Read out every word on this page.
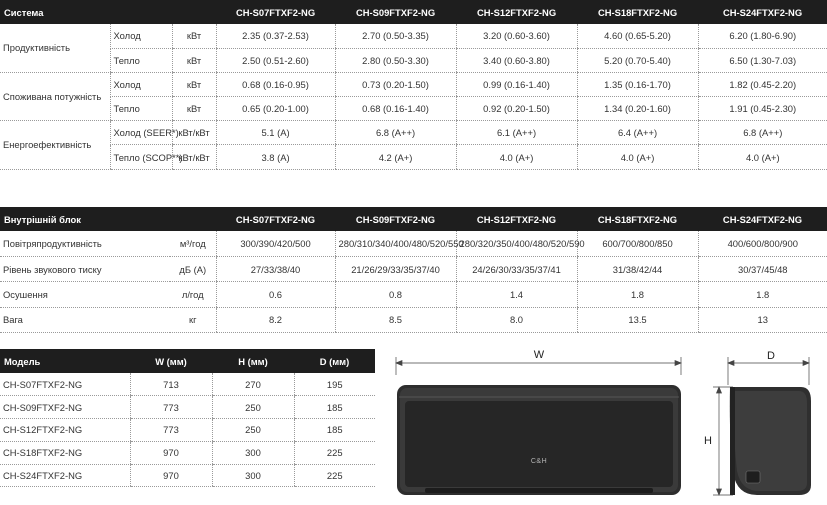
Система			CH-S07FTXF2-NG	CH-S09FTXF2-NG	CH-S12FTXF2-NG	CH-S18FTXF2-NG	CH-S24FTXF2-NG
Продуктивність	Холод	кВт	2.35 (0.37-2.53)	2.70 (0.50-3.35)	3.20 (0.60-3.60)	4.60 (0.65-5.20)	6.20 (1.80-6.90)
	Тепло	кВт	2.50 (0.51-2.60)	2.80 (0.50-3.30)	3.40 (0.60-3.80)	5.20 (0.70-5.40)	6.50 (1.30-7.03)
Споживана потужність	Холод	кВт	0.68 (0.16-0.95)	0.73 (0.20-1.50)	0.99 (0.16-1.40)	1.35 (0.16-1.70)	1.82 (0.45-2.20)
	Тепло	кВт	0.65 (0.20-1.00)	0.68 (0.16-1.40)	0.92 (0.20-1.50)	1.34 (0.20-1.60)	1.91 (0.45-2.30)
Енергоефективність	Холод (SEER*)	кВт/кВт	5.1 (A)	6.8 (A++)	6.1 (A++)	6.4 (A++)	6.8 (A++)
	Тепло (SCOP**)	кВт/кВт	3.8 (A)	4.2 (A+)	4.0 (A+)	4.0 (A+)	4.0 (A+)
Внутрішній блок		CH-S07FTXF2-NG	CH-S09FTXF2-NG	CH-S12FTXF2-NG	CH-S18FTXF2-NG	CH-S24FTXF2-NG
Повітряпродуктивність	м³/год	300/390/420/500	280/310/340/400/480/520/550	280/320/350/400/480/520/590	600/700/800/850	400/600/800/900
Рівень звукового тиску	дБ (А)	27/33/38/40	21/26/29/33/35/37/40	24/26/30/33/35/37/41	31/38/42/44	30/37/45/48
Осушення	л/год	0.6	0.8	1.4	1.8	1.8
Вага	кг	8.2	8.5	8.0	13.5	13
Модель	W (мм)	H (мм)	D (мм)
CH-S07FTXF2-NG	713	270	195
CH-S09FTXF2-NG	773	250	185
CH-S12FTXF2-NG	773	250	185
CH-S18FTXF2-NG	970	300	225
CH-S24FTXF2-NG	970	300	225
W
C&H
D
H
